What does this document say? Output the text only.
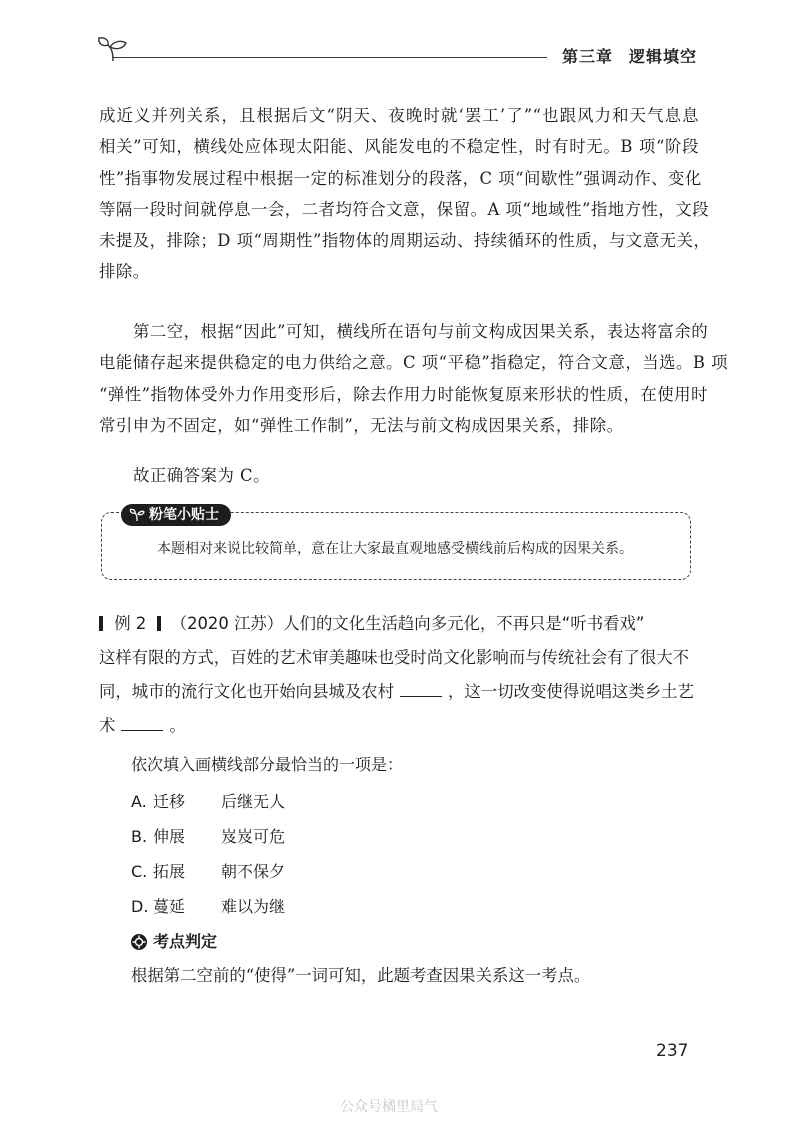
第三章 逻辑填空
成近义并列关系，且根据后文“阴天、夜晚时就‘罢工’了”“也跟风力和天气息息
相关”可知，横线处应体现太阳能、风能发电的不稳定性，时有时无。B 项“阶段
性”指事物发展过程中根据一定的标准划分的段落，C 项“间歇性”强调动作、变化
等隔一段时间就停息一会，二者均符合文意，保留。A 项“地域性”指地方性，文段
未提及，排除；D 项“周期性”指物体的周期运动、持续循环的性质，与文意无关，
排除。
第二空，根据“因此”可知，横线所在语句与前文构成因果关系，表达将富余的
电能储存起来提供稳定的电力供给之意。C 项“平稳”指稳定，符合文意，当选。B 项
“弹性”指物体受外力作用变形后，除去作用力时能恢复原来形状的性质，在使用时
常引申为不固定，如“弹性工作制”，无法与前文构成因果关系，排除。
故正确答案为 C。
粉笔小贴士
本题相对来说比较简单，意在让大家最直观地感受横线前后构成的因果关系。
例 2 （2020 江苏）人们的文化生活趋向多元化，不再只是“听书看戏”
这样有限的方式，百姓的艺术审美趣味也受时尚文化影响而与传统社会有了很大不
同，城市的流行文化也开始向县城及农村	，这一切改变使得说唱这类乡土艺
术	。
依次填入画横线部分最恰当的一项是：
A. 迁移 后继无人
B. 伸展 岌岌可危
C. 拓展 朝不保夕
D. 蔓延 难以为继
考点判定
根据第二空前的“使得”一词可知，此题考查因果关系这一考点。
237
公众号橘里局气
